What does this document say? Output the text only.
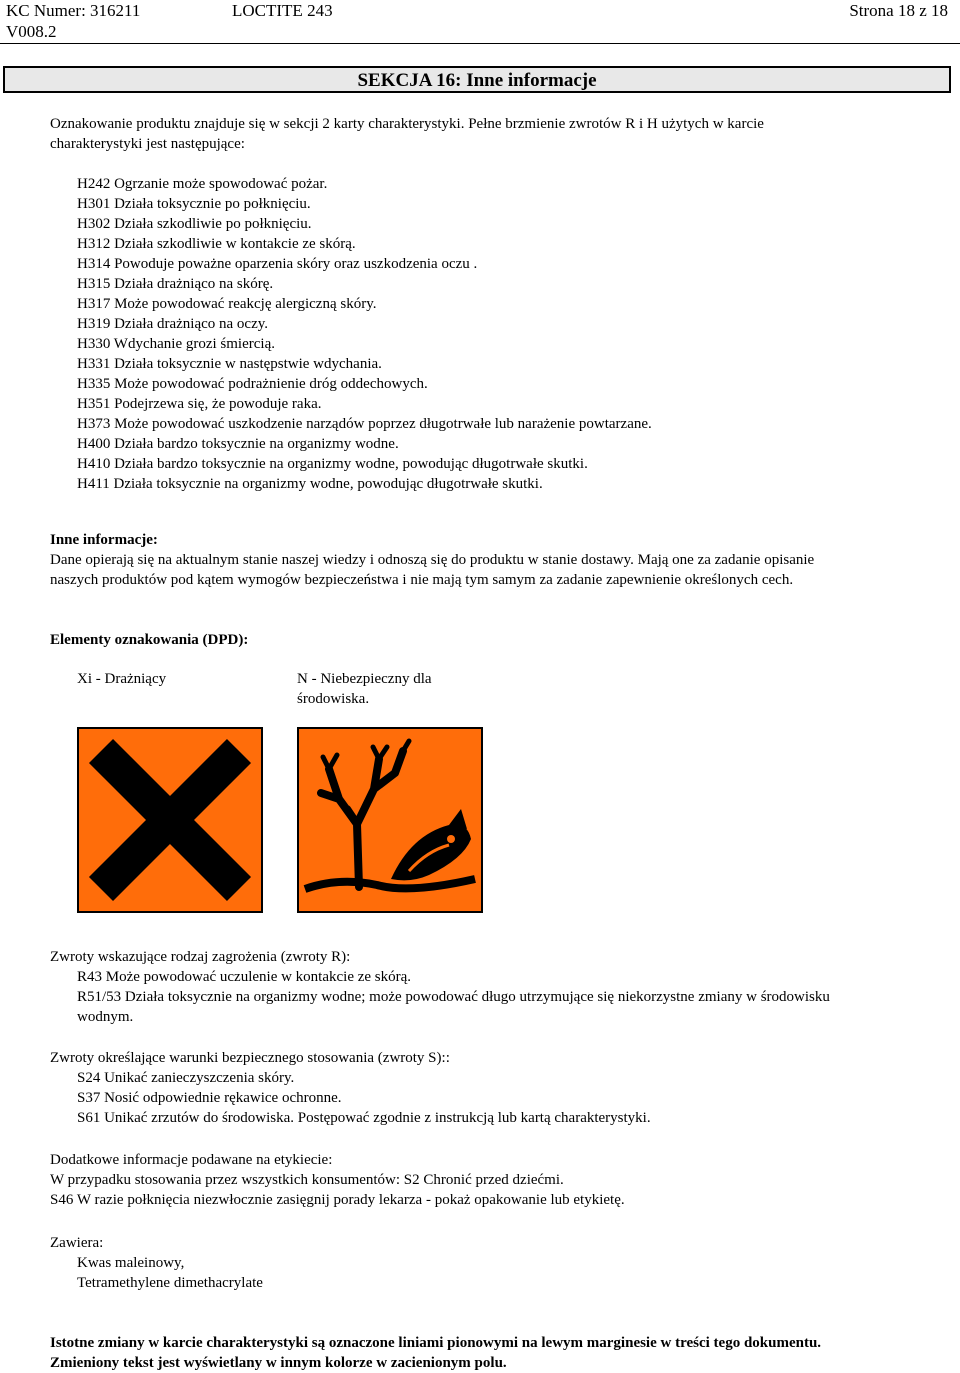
KC Numer: 316211	LOCTITE 243	Strona 18 z 18
V008.2
SEKCJA 16: Inne informacje
Oznakowanie produktu znajduje się w sekcji 2 karty charakterystyki. Pełne brzmienie zwrotów R i H użytych w karcie
charakterystyki jest następujące:
H242 Ogrzanie może spowodować pożar.
H301 Działa toksycznie po połknięciu.
H302 Działa szkodliwie po połknięciu.
H312 Działa szkodliwie w kontakcie ze skórą.
H314 Powoduje poważne oparzenia skóry oraz uszkodzenia oczu .
H315 Działa drażniąco na skórę.
H317 Może powodować reakcję alergiczną skóry.
H319 Działa drażniąco na oczy.
H330 Wdychanie grozi śmiercią.
H331 Działa toksycznie w następstwie wdychania.
H335 Może powodować podrażnienie dróg oddechowych.
H351 Podejrzewa się, że powoduje raka.
H373 Może powodować uszkodzenie narządów poprzez długotrwałe lub narażenie powtarzane.
H400 Działa bardzo toksycznie na organizmy wodne.
H410 Działa bardzo toksycznie na organizmy wodne, powodując długotrwałe skutki.
H411 Działa toksycznie na organizmy wodne, powodując długotrwałe skutki.
Inne informacje:
Dane opierają się na aktualnym stanie naszej wiedzy i odnoszą się do produktu w stanie dostawy. Mają one za zadanie opisanie
naszych produktów pod kątem wymogów bezpieczeństwa i nie mają tym samym za zadanie zapewnienie określonych cech.
Elementy oznakowania (DPD):
Xi - Drażniący	N - Niebezpieczny dla
środowiska.
Zwroty wskazujące rodzaj zagrożenia (zwroty R):
R43 Może powodować uczulenie w kontakcie ze skórą.
R51/53 Działa toksycznie na organizmy wodne; może powodować długo utrzymujące się niekorzystne zmiany w środowisku
wodnym.
Zwroty określające warunki bezpiecznego stosowania (zwroty S)::
S24 Unikać zanieczyszczenia skóry.
S37 Nosić odpowiednie rękawice ochronne.
S61 Unikać zrzutów do środowiska. Postępować zgodnie z instrukcją lub kartą charakterystyki.
Dodatkowe informacje podawane na etykiecie:
W przypadku stosowania przez wszystkich konsumentów: S2 Chronić przed dziećmi.
S46 W razie połknięcia niezwłocznie zasięgnij porady lekarza - pokaż opakowanie lub etykietę.
Zawiera:
Kwas maleinowy,
Tetramethylene dimethacrylate
Istotne zmiany w karcie charakterystyki są oznaczone liniami pionowymi na lewym marginesie w treści tego dokumentu.
Zmieniony tekst jest wyświetlany w innym kolorze w zacienionym polu.
